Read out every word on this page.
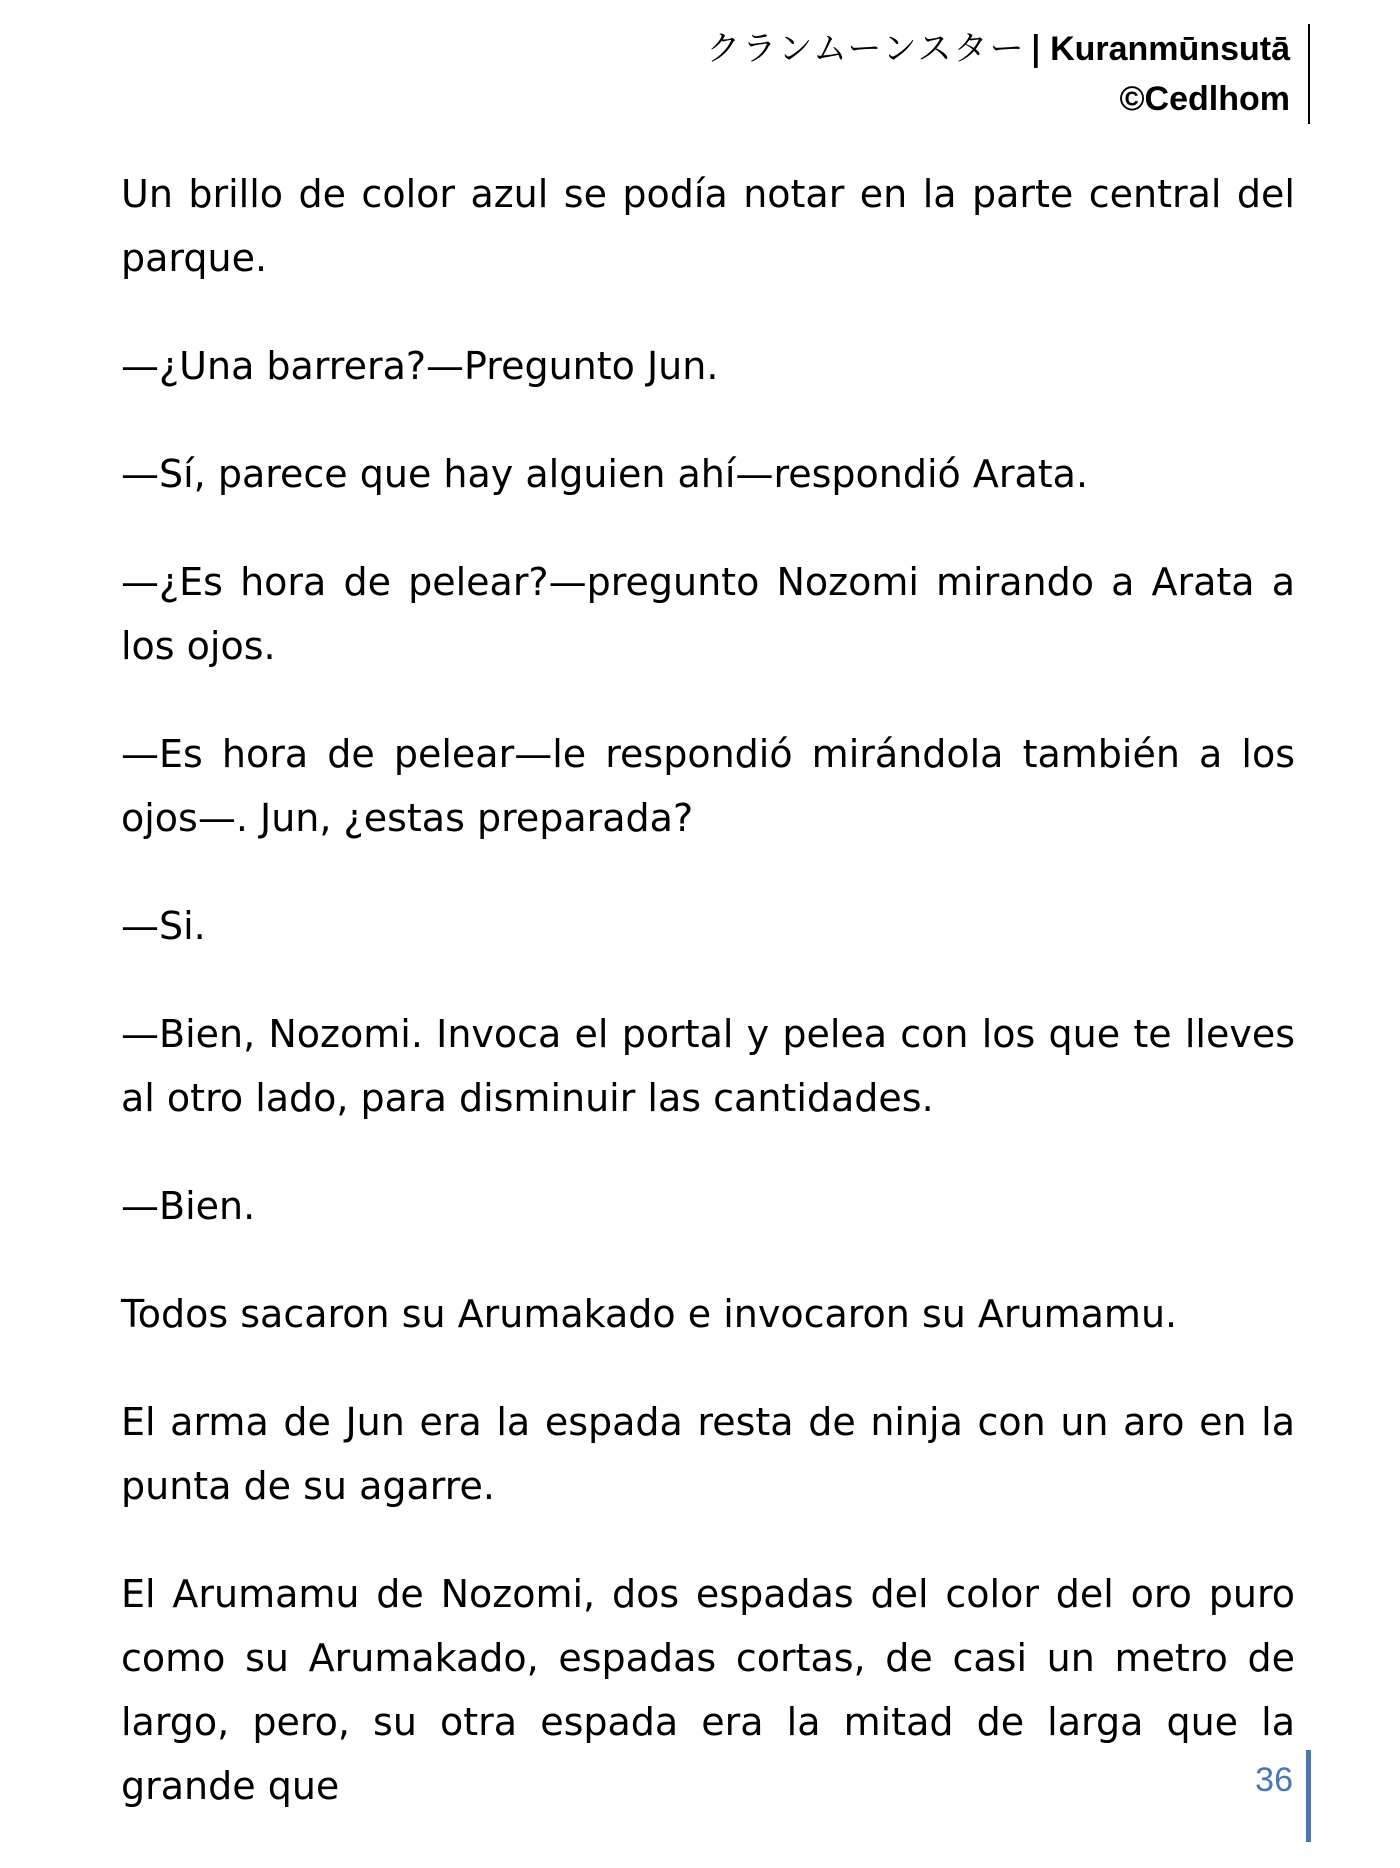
クランムーンスター | Kuranmūnsutā
©Cedlhom

Un brillo de color azul se podía notar en la parte central del parque.

—¿Una barrera?—Pregunto Jun.

—Sí, parece que hay alguien ahí—respondió Arata.

—¿Es hora de pelear?—pregunto Nozomi mirando a Arata a los ojos.

—Es hora de pelear—le respondió mirándola también a los ojos—. Jun, ¿estas preparada?

—Si.

—Bien, Nozomi. Invoca el portal y pelea con los que te lleves al otro lado, para disminuir las cantidades.

—Bien.

Todos sacaron su Arumakado e invocaron su Arumamu.

El arma de Jun era la espada resta de ninja con un aro en la punta de su agarre.

El Arumamu de Nozomi, dos espadas del color del oro puro como su Arumakado, espadas cortas, de casi un metro de largo, pero, su otra espada era la mitad de larga que la grande que	36
